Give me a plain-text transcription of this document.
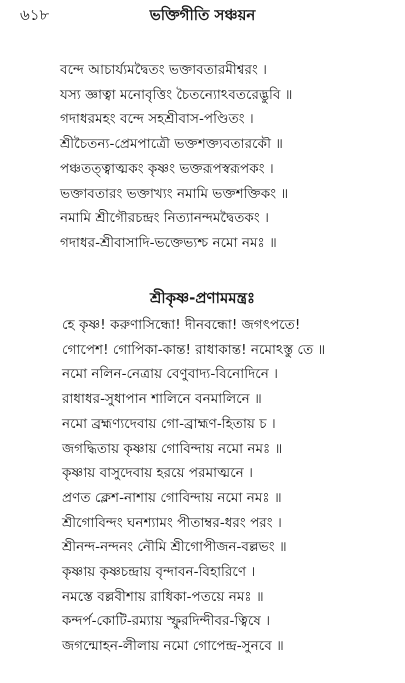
৬১৮	ভক্তিগীতি সঞ্চয়ন
বন্দে আচার্য্যমদ্বৈতং ভক্তাবতারমীশ্বরং ।
যস্য জ্ঞাত্বা মনোবৃত্তিং চৈতন্যোঽবতরেদ্ভুবি ॥
গদাধরমহং বন্দে সহশ্রীবাস-পণ্ডিতং ।
শ্রীচৈতন্য-প্রেমপাত্রৌ ভক্তশক্ত্যবতারকৌ ॥
পঞ্চতত্ত্বাত্মকং কৃষ্ণং ভক্তরূপস্বরূপকং ।
ভক্তাবতারং ভক্তাখ্যং নমামি ভক্তশক্তিকং ॥
নমামি শ্রীগৌরচন্দ্রং নিত্যানন্দমদ্বৈতকং ।
গদাধর-শ্রীবাসাদি-ভক্তেভ্যশ্চ নমো নমঃ ॥
শ্রীকৃষ্ণ-প্রণামমন্ত্রঃ
হে কৃষ্ণ! করুণাসিন্ধো! দীনবন্ধো! জগৎপতে!
গোপেশ! গোপিকা-কান্ত! রাধাকান্ত! নমোঽস্তু তে ॥
নমো নলিন-নেত্রায় বেণুবাদ্য-বিনোদিনে ।
রাধাধর-সুধাপান শালিনে বনমালিনে ॥
নমো ব্রহ্মণ্যদেবায় গো-ব্রাহ্মণ-হিতায় চ ।
জগদ্ধিতায় কৃষ্ণায় গোবিন্দায় নমো নমঃ ॥
কৃষ্ণায় বাসুদেবায় হরয়ে পরমাত্মনে ।
প্রণত ক্লেশ-নাশায় গোবিন্দায় নমো নমঃ ॥
শ্রীগোবিন্দং ঘনশ্যামং পীতাম্বর-ধরং পরং ।
শ্রীনন্দ-নন্দনং নৌমি শ্রীগোপীজন-বল্লভং ॥
কৃষ্ণায় কৃষ্ণচন্দ্রায় বৃন্দাবন-বিহারিণে ।
নমস্তে বল্লবীশায় রাধিকা-পতয়ে নমঃ ॥
কন্দর্প-কোটি-রম্যায় স্ফুরদিন্দীবর-ত্বিষে ।
জগন্মোহন-লীলায় নমো গোপেন্দ্র-সুনবে ॥
